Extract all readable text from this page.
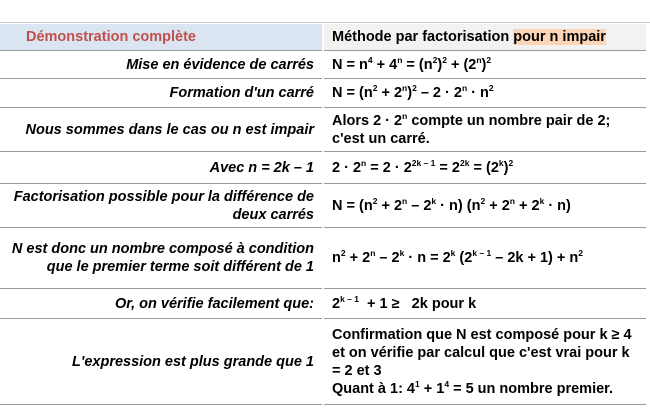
Démonstration complète	Méthode par factorisation pour n impair
Mise en évidence de carrés	$N = n^4 + 4^n = (n^2)^2 + (2^n)^2$
Formation d'un carré	$N = (n^2 + 2^n)^2 - 2 \cdot 2^n \cdot n^2$
Nous sommes dans le cas ou n est impair	Alors $2 \cdot 2^n$ compte un nombre pair de 2; c'est un carré.
Avec n = 2k – 1	$2 \cdot 2^n = 2 \cdot 2^{2k - 1} = 2^{2k} = (2^k)^2$
Factorisation possible pour la différence de deux carrés	$N = (n^2 + 2^n - 2^k \cdot n) (n^2 + 2^n + 2^k \cdot n)$
N est donc un nombre composé à condition que le premier terme soit différent de 1	$n^2 + 2^n - 2^k \cdot n = 2^k$ $(2^{k - 1} - 2k + 1) + n^2$
Or, on vérifie facilement que:	2$^{k - 1}$  + 1 ≥   2k pour k
L'expression est plus grande que 1	Confirmation que N est composé pour k ≥ 4 et on vérifie par calcul que c'est vrai pour k = 2 et 3
Quant à 1: $4^1 + 1^4 = 5$ un nombre premier.
